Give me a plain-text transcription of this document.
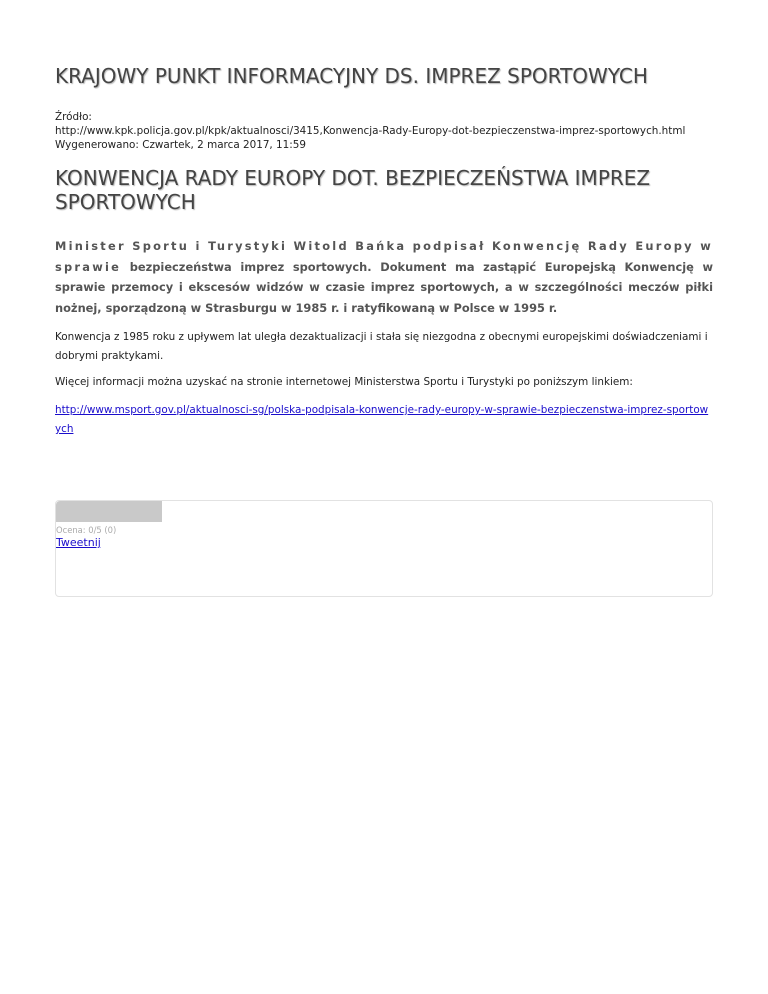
KRAJOWY PUNKT INFORMACYJNY DS. IMPREZ SPORTOWYCH
Źródło:
http://www.kpk.policja.gov.pl/kpk/aktualnosci/3415,Konwencja-Rady-Europy-dot-bezpieczenstwa-imprez-sportowych.html
Wygenerowano: Czwartek, 2 marca 2017, 11:59
KONWENCJA RADY EUROPY DOT. BEZPIECZEŃSTWA IMPREZ SPORTOWYCH

Minister Sportu i Turystyki Witold Bańka podpisał Konwencję Rady Europy w sprawie bezpieczeństwa imprez sportowych. Dokument ma zastąpić Europejską Konwencję w sprawie przemocy i ekscesów widzów w czasie imprez sportowych, a w szczególności meczów piłki nożnej, sporządzoną w Strasburgu w 1985 r. i ratyfikowaną w Polsce w 1995 r.

Konwencja z 1985 roku z upływem lat uległa dezaktualizacji i stała się niezgodna z obecnymi europejskimi doświadczeniami i dobrymi praktykami.

Więcej informacji można uzyskać na stronie internetowej Ministerstwa Sportu i Turystyki po poniższym linkiem:

http://www.msport.gov.pl/aktualnosci-sg/polska-podpisala-konwencje-rady-europy-w-sprawie-bezpieczenstwa-imprez-sportowych

Ocena: 0/5 (0)
Tweetnij
